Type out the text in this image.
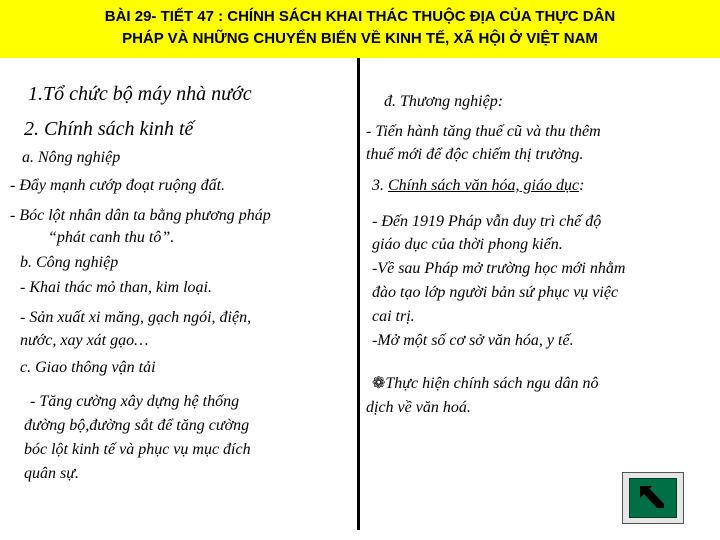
BÀI 29- TIẾT 47 : CHÍNH SÁCH KHAI THÁC THUỘC ĐỊA CỦA THỰC DÂN
PHÁP VÀ NHỮNG CHUYỂN BIẾN VỀ KINH TẾ, XÃ HỘI Ở VIỆT NAM
1.Tổ chức bộ máy nhà nước
2. Chính sách kinh tế
a. Nông nghiệp
- Đẩy mạnh cướp đoạt ruộng đất.
- Bóc lột nhân dân ta bằng phương pháp
“phát canh thu tô”.
b. Công nghiệp
- Khai thác mỏ than, kim loại.
- Sản xuất xi măng, gạch ngói, điện,
nước, xay xát gạo…
c. Giao thông vận tải
- Tăng cường xây dựng hệ thống
đường bộ,đường sắt để tăng cường
bóc lột kinh tế và phục vụ mục đích
quân sự.
đ. Thương nghiệp:
- Tiến hành tăng thuế cũ và thu thêm
thuế mới để độc chiếm thị trường.
3. Chính sách văn hóa, giáo dục:
- Đến 1919 Pháp vẫn duy trì chế độ
giáo dục của thời phong kiến.
-Về sau Pháp mở trường học mới nhằm
đào tạo lớp người bản sứ phục vụ việc
cai trị.
-Mở một số cơ sở văn hóa, y tế.
❁Thực hiện chính sách ngu dân nô
dịch về văn hoá.
